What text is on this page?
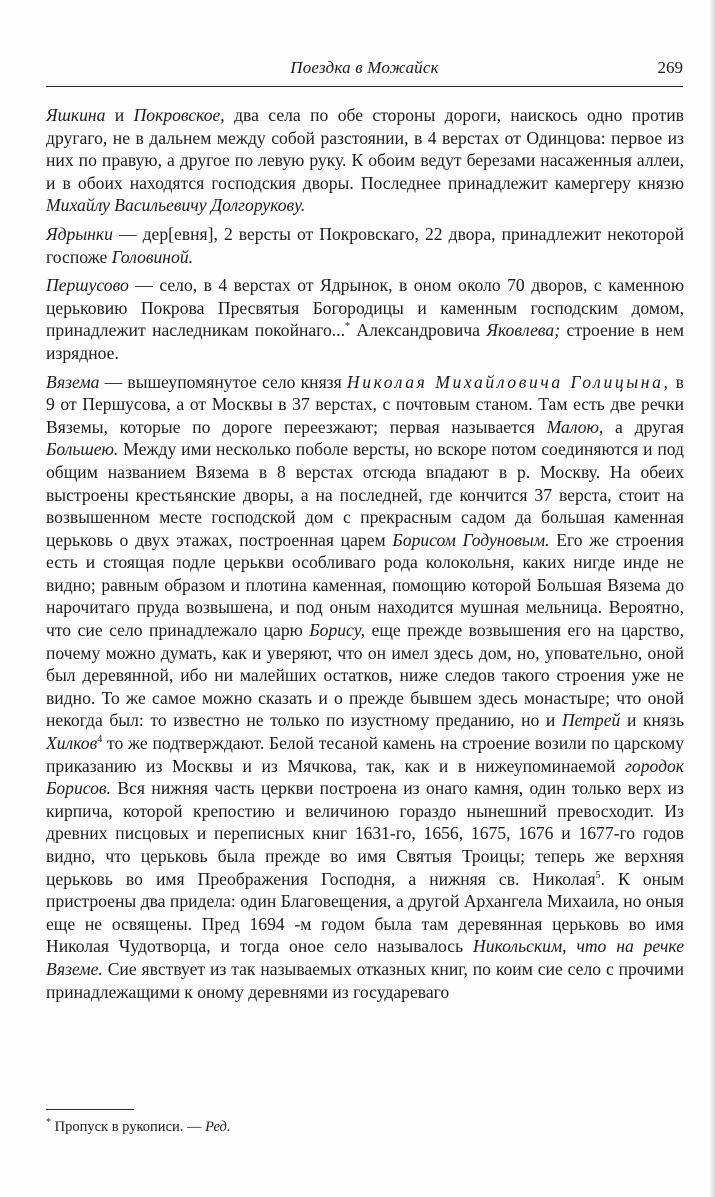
Поездка в Можайск	269

Яшкина и Покровское, два села по обе стороны дороги, наискось одно против другаго, не в дальнем между собой разстоянии, в 4 верстах от Одинцова: первое из них по правую, а другое по левую руку. К обоим ведут березами насаженныя аллеи, и в обоих находятся господския дворы. Последнее принадлежит камергеру князю Михайлу Васильевичу Долгорукову.

Ядрынки — дер[евня], 2 версты от Покровскаго, 22 двора, принадлежит некоторой госпоже Головиной.

Першусово — село, в 4 верстах от Ядрынок, в оном около 70 дворов, с каменною церьковию Покрова Пресвятыя Богородицы и каменным господским домом, принадлежит наследникам покойнаго...* Александровича Яковлева; строение в нем изрядное.

Вязема — вышеупомянутое село князя Николая Михайловича Голицына, в 9 от Першусова, а от Москвы в 37 верстах, с почтовым станом. Там есть две речки Вяземы, которые по дороге переезжают; первая называется Малою, а другая Большею. Между ими несколько поболе версты, но вскоре потом соединяются и под общим названием Вязема в 8 верстах отсюда впадают в р. Москву. На обеих выстроены крестьянские дворы, а на последней, где кончится 37 верста, стоит на возвышенном месте господской дом с прекрасным садом да большая каменная церьковь о двух этажах, построенная царем Борисом Годуновым. Его же строения есть и стоящая подле церькви особливаго рода колокольня, каких нигде инде не видно; равным образом и плотина каменная, помощию которой Большая Вязема до нарочитаго пруда возвышена, и под оным находится мушная мельница. Вероятно, что сие село принадлежало царю Борису, еще прежде возвышения его на царство, почему можно думать, как и уверяют, что он имел здесь дом, но, уповательно, оной был деревянной, ибо ни малейших остатков, ниже следов такого строения уже не видно. То же самое можно сказать и о прежде бывшем здесь монастыре; что оной некогда был: то известно не только по изустному преданию, но и Петрей и князь Хилков$^4$ то же подтверждают. Белой тесаной камень на строение возили по царскому приказанию из Москвы и из Мячкова, так, как и в нижеупоминаемой городок Борисов. Вся нижняя часть церкви построена из онаго камня, один только верх из кирпича, которой крепостию и величиною гораздо нынешний превосходит. Из древних писцовых и переписных книг 1631-го, 1656, 1675, 1676 и 1677-го годов видно, что церьковь была прежде во имя Святыя Троицы; теперь же верхняя церьковь во имя Преображения Господня, а нижняя св. Николая$^5$. К оным пристроены два придела: один Благовещения, а другой Архангела Михаила, но оныя еще не освящены. Пред 1694 -м годом была там деревянная церьковь во имя Николая Чудотворца, и тогда оное село называлось Никольским, что на речке Вяземе. Сие явствует из так называемых отказных книг, по коим сие село с прочими принадлежащими к оному деревнями из государеваго

* Пропуск в рукописи. — Ред.
